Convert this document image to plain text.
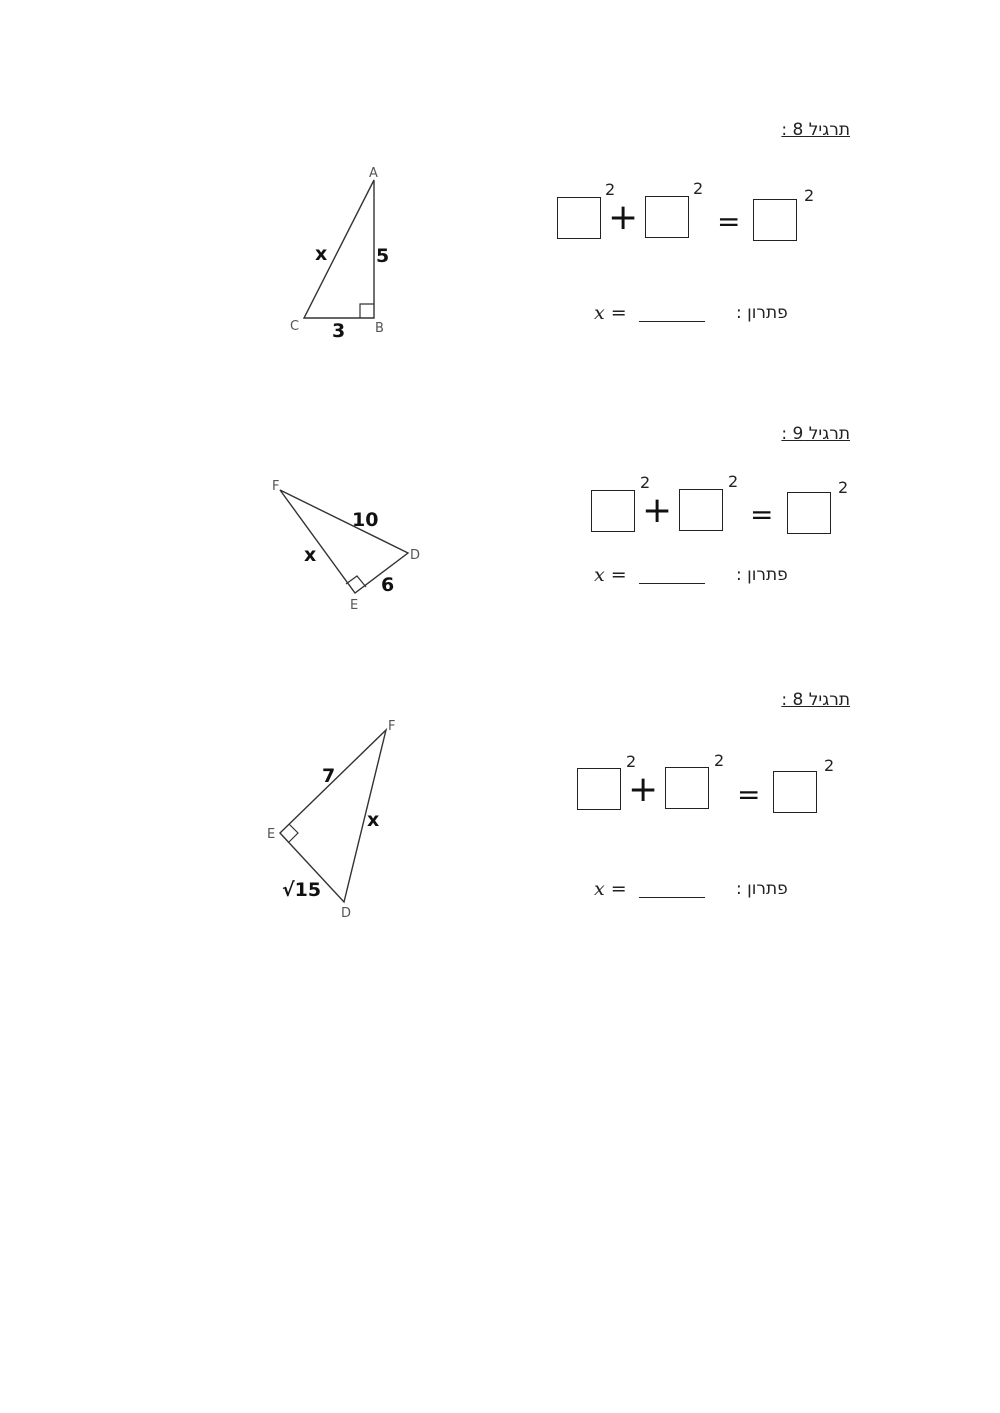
תרגיל 8 :
A
B
C
x	5
3
2
+
2
=
2
פתרון :
x =
תרגיל 9 :
F
D
E
10
x
6
2
+
2
=
2
פתרון :
x =
תרגיל 8 :
F
E
D
7
x
√15
2
+
2
=
2
פתרון :
x =
